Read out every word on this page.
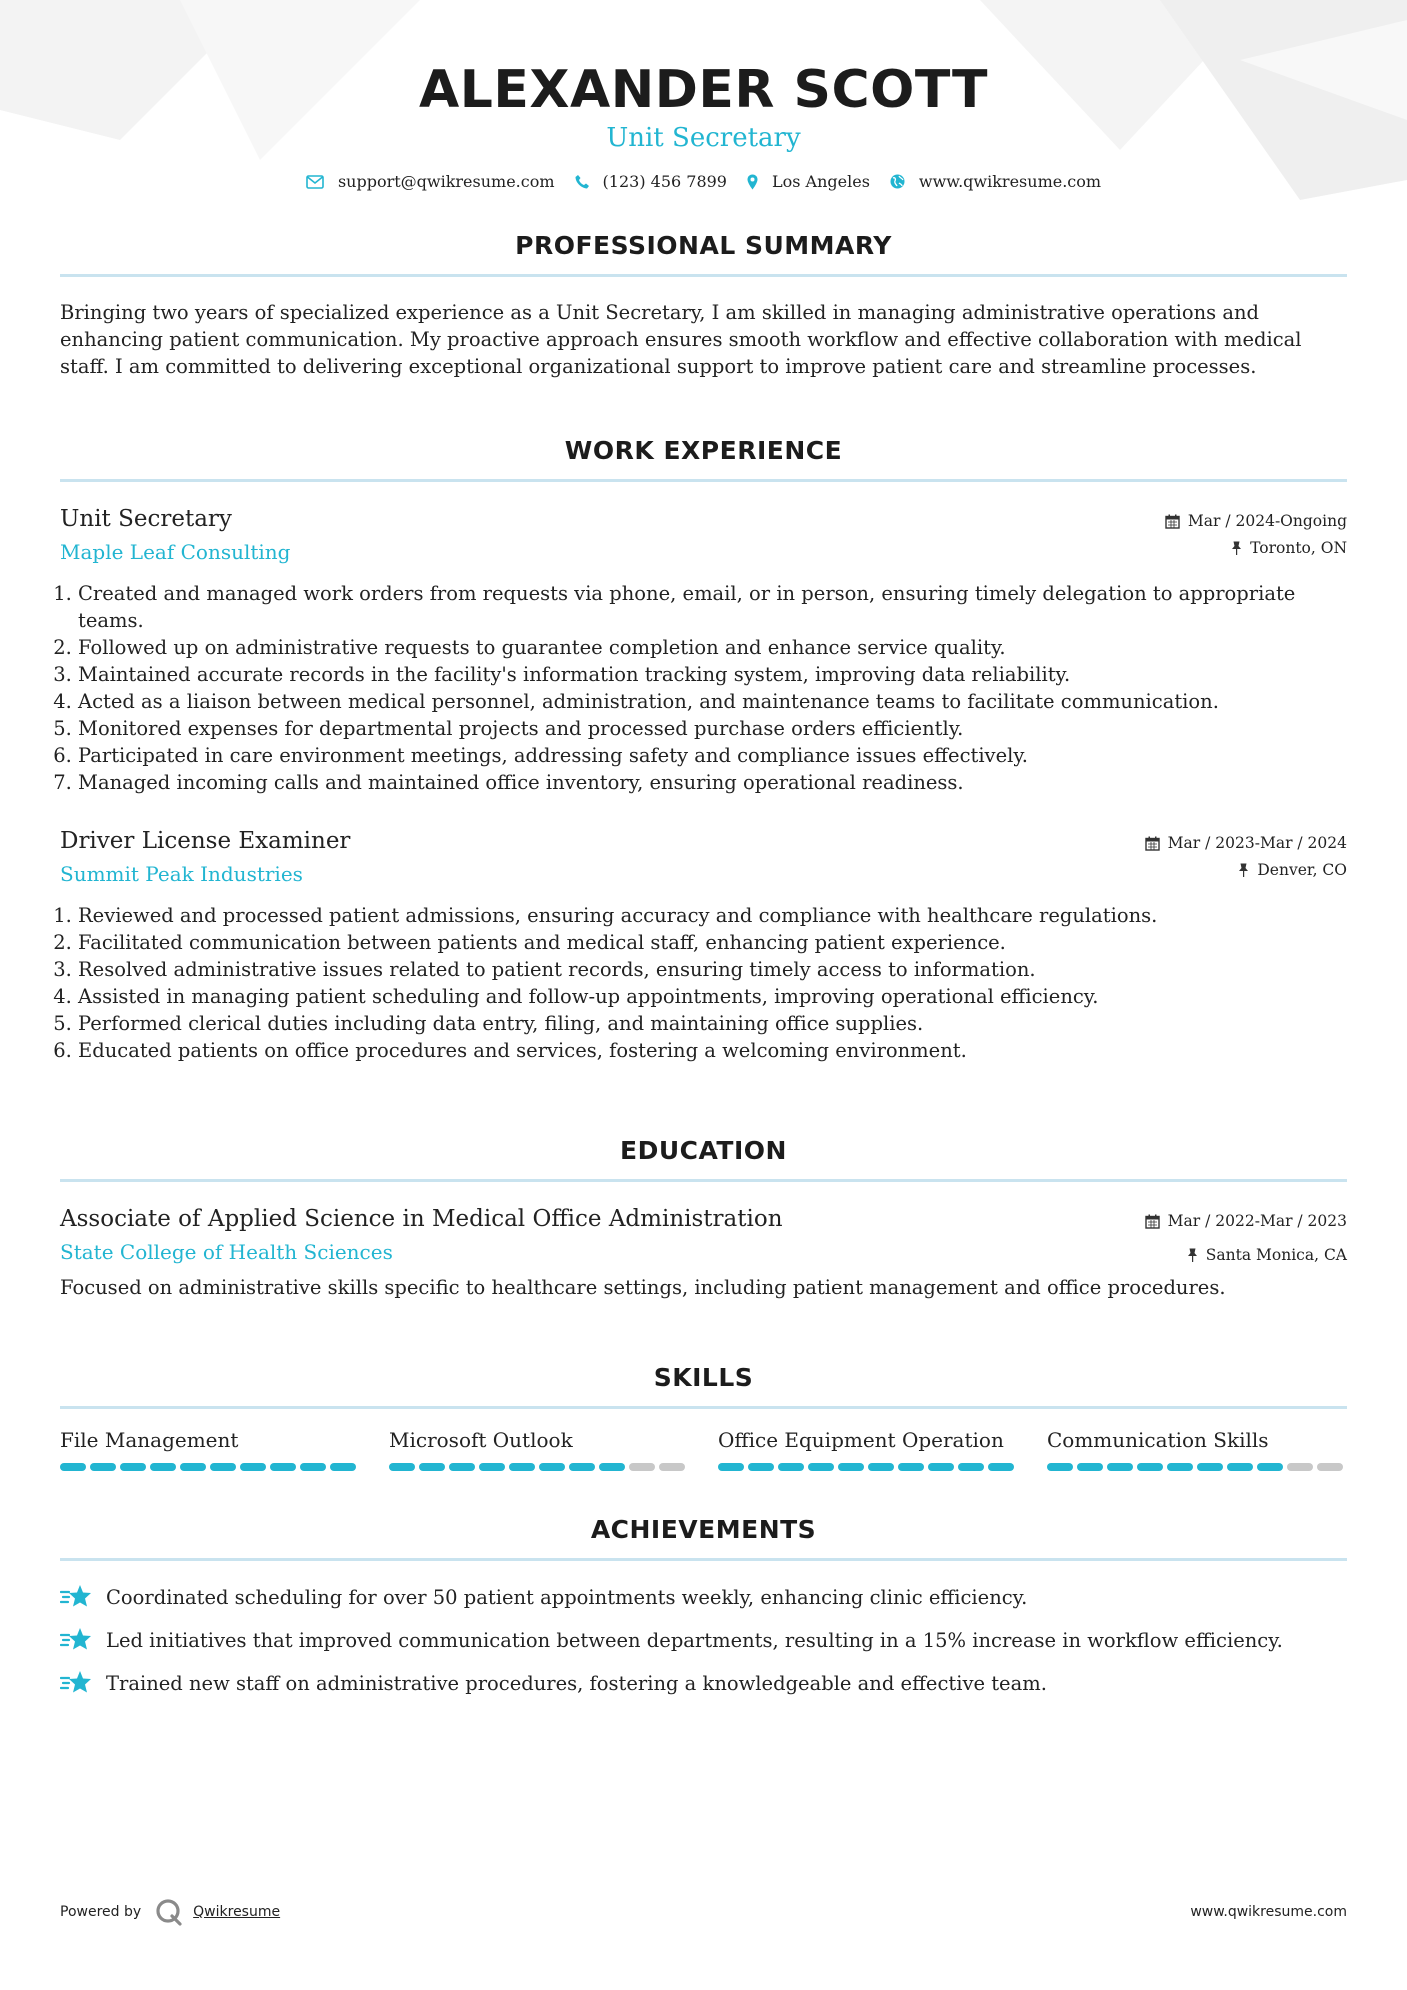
ALEXANDER SCOTT
Unit Secretary
support@qwikresume.com	(123) 456 7899	Los Angeles	www.qwikresume.com
PROFESSIONAL SUMMARY

Bringing two years of specialized experience as a Unit Secretary, I am skilled in managing administrative operations and enhancing patient communication. My proactive approach ensures smooth workflow and effective collaboration with medical staff. I am committed to delivering exceptional organizational support to improve patient care and streamline processes.

WORK EXPERIENCE
Unit Secretary
Maple Leaf Consulting
Mar / 2024-Ongoing
Toronto, ON
1. Created and managed work orders from requests via phone, email, or in person, ensuring timely delegation to appropriate teams.
2. Followed up on administrative requests to guarantee completion and enhance service quality.
3. Maintained accurate records in the facility's information tracking system, improving data reliability.
4. Acted as a liaison between medical personnel, administration, and maintenance teams to facilitate communication.
5. Monitored expenses for departmental projects and processed purchase orders efficiently.
6. Participated in care environment meetings, addressing safety and compliance issues effectively.
7. Managed incoming calls and maintained office inventory, ensuring operational readiness.
Driver License Examiner
Summit Peak Industries
Mar / 2023-Mar / 2024
Denver, CO
1. Reviewed and processed patient admissions, ensuring accuracy and compliance with healthcare regulations.
2. Facilitated communication between patients and medical staff, enhancing patient experience.
3. Resolved administrative issues related to patient records, ensuring timely access to information.
4. Assisted in managing patient scheduling and follow-up appointments, improving operational efficiency.
5. Performed clerical duties including data entry, filing, and maintaining office supplies.
6. Educated patients on office procedures and services, fostering a welcoming environment.
EDUCATION
Associate of Applied Science in Medical Office Administration
State College of Health Sciences
Mar / 2022-Mar / 2023
Santa Monica, CA
Focused on administrative skills specific to healthcare settings, including patient management and office procedures.
SKILLS
File Management	Microsoft Outlook	Office Equipment Operation	Communication Skills
ACHIEVEMENTS
Coordinated scheduling for over 50 patient appointments weekly, enhancing clinic efficiency.
Led initiatives that improved communication between departments, resulting in a 15% increase in workflow efficiency.
Trained new staff on administrative procedures, fostering a knowledgeable and effective team.
Powered by	Qwikresume	www.qwikresume.com
